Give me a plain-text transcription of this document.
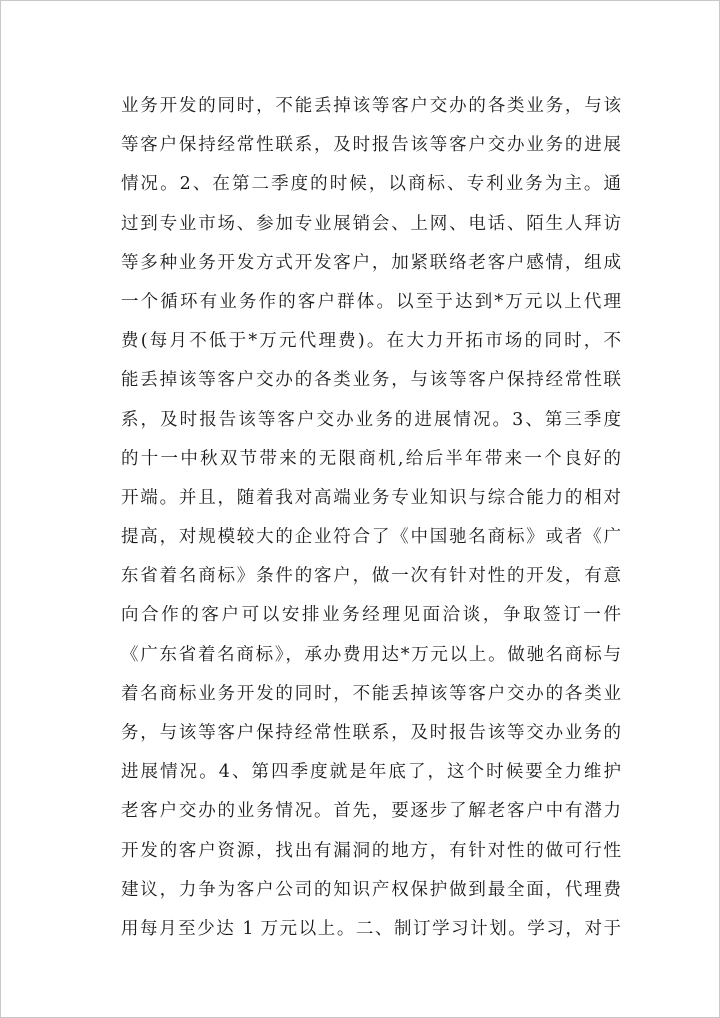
业务开发的同时，不能丢掉该等客户交办的各类业务，与该
等客户保持经常性联系，及时报告该等客户交办业务的进展
情况。2、在第二季度的时候，以商标、专利业务为主。通
过到专业市场、参加专业展销会、上网、电话、陌生人拜访
等多种业务开发方式开发客户，加紧联络老客户感情，组成
一个循环有业务作的客户群体。以至于达到*万元以上代理
费(每月不低于*万元代理费)。在大力开拓市场的同时，不
能丢掉该等客户交办的各类业务，与该等客户保持经常性联
系，及时报告该等客户交办业务的进展情况。3、第三季度
的十一中秋双节带来的无限商机,给后半年带来一个良好的
开端。并且，随着我对高端业务专业知识与综合能力的相对
提高，对规模较大的企业符合了《中国驰名商标》或者《广
东省着名商标》条件的客户，做一次有针对性的开发，有意
向合作的客户可以安排业务经理见面洽谈，争取签订一件
《广东省着名商标》，承办费用达*万元以上。做驰名商标与
着名商标业务开发的同时，不能丢掉该等客户交办的各类业
务，与该等客户保持经常性联系，及时报告该等交办业务的
进展情况。4、第四季度就是年底了，这个时候要全力维护
老客户交办的业务情况。首先，要逐步了解老客户中有潜力
开发的客户资源，找出有漏洞的地方，有针对性的做可行性
建议，力争为客户公司的知识产权保护做到最全面，代理费
用每月至少达 1 万元以上。二、制订学习计划。学习，对于
